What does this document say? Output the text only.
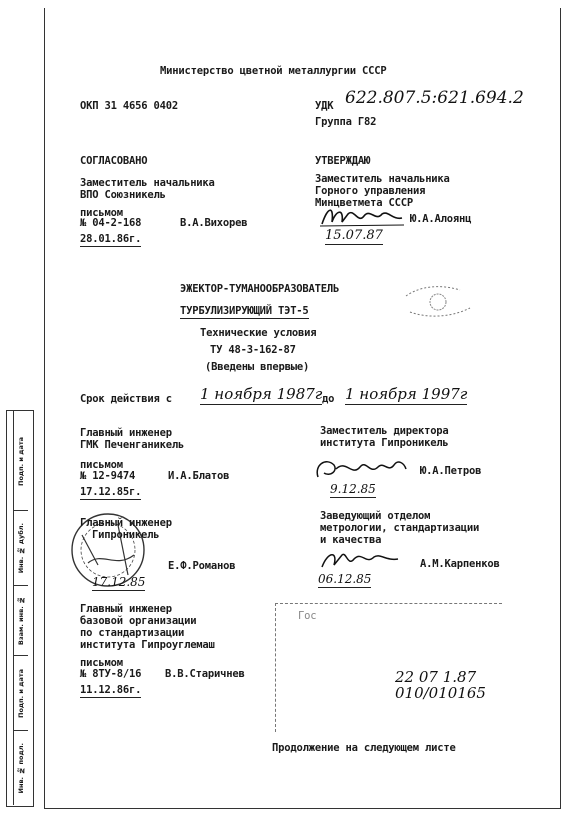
Министерство цветной металлургии СССР
ОКП 31 4656 0402	УДК 622.807.5:621.694.2
Группа Г82
СОГЛАСОВАНО
Заместитель начальника
ВПО Союзникель
письмом
№ 04-2-168	В.А.Вихорев
28.01.86г.
УТВЕРЖДАЮ
Заместитель начальника
Горного управления
Минцветмета СССР
Ю.А.Алоянц
15.07.87
ЭЖЕКТОР-ТУМАНООБРАЗОВАТЕЛЬ
ТУРБУЛИЗИРУЮЩИЙ ТЭТ-5
Технические условия
ТУ 48-3-162-87
(Введены впервые)
Срок действия с 1 ноября 1987г до 1 ноября 1997г
Главный инженер
ГМК Печенганикель
письмом
№ 12-9474	И.А.Блатов
17.12.85г.
Заместитель директора
института Гипроникель
Ю.А.Петров
9.12.85
Главный инженер
Гипроникель
Е.Ф.Романов
17.12.85
Заведующий отделом
метрологии, стандартизации
и качества
А.М.Карпенков
06.12.85
Главный инженер
базовой организации
по стандартизации
института Гипроуглемаш
письмом
№ 8ТУ-8/16 В.В.Старичнев
11.12.86г.
Гос
22 07 1.87
010/010165
Продолжение на следующем листе
Инв. № подл.
Подп. и дата
Взам. инв. №
Инв. № дубл.
Подп. и дата
